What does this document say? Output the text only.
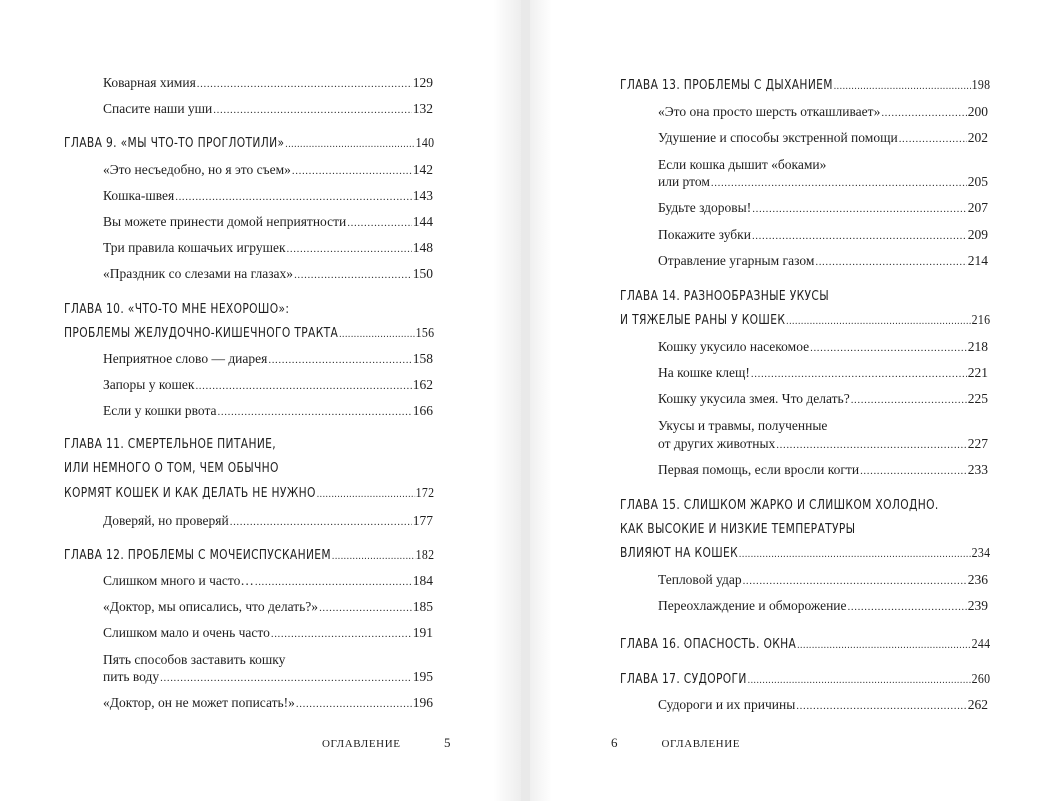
Коварная химия .....	129
Спасите наши уши .....	132
ГЛАВА 9. «МЫ ЧТО-ТО ПРОГЛОТИЛИ» .....	140
«Это несъедобно, но я это съем» .....	142
Кошка-швея .....	143
Вы можете принести домой неприятности .....	144
Три правила кошачьих игрушек .....	148
«Праздник со слезами на глазах» .....	150
ГЛАВА 10. «ЧТО-ТО МНЕ НЕХОРОШО»:
ПРОБЛЕМЫ ЖЕЛУДОЧНО-КИШЕЧНОГО ТРАКТА .....	156
Неприятное слово — диарея .....	158
Запоры у кошек .....	162
Если у кошки рвота .....	166
ГЛАВА 11. СМЕРТЕЛЬНОЕ ПИТАНИЕ,
ИЛИ НЕМНОГО О ТОМ, ЧЕМ ОБЫЧНО
КОРМЯТ КОШЕК И КАК ДЕЛАТЬ НЕ НУЖНО .....	172
Доверяй, но проверяй .....	177
ГЛАВА 12. ПРОБЛЕМЫ С МОЧЕИСПУСКАНИЕМ .....	182
Слишком много и часто… .....	184
«Доктор, мы описались, что делать?» .....	185
Слишком мало и очень часто .....	191
Пять способов заставить кошку
пить воду .....	195
«Доктор, он не может пописать!» .....	196
ОГЛАВЛЕНИЕ	5
ГЛАВА 13. ПРОБЛЕМЫ С ДЫХАНИЕМ .....	198
«Это она просто шерсть откашливает» .....	200
Удушение и способы экстренной помощи .....	202
Если кошка дышит «боками»
или ртом .....	205
Будьте здоровы! .....	207
Покажите зубки .....	209
Отравление угарным газом .....	214
ГЛАВА 14. РАЗНООБРАЗНЫЕ УКУСЫ
И ТЯЖЕЛЫЕ РАНЫ У КОШЕК .....	216
Кошку укусило насекомое .....	218
На кошке клещ! .....	221
Кошку укусила змея. Что делать? .....	225
Укусы и травмы, полученные
от других животных .....	227
Первая помощь, если вросли когти .....	233
ГЛАВА 15. СЛИШКОМ ЖАРКО И СЛИШКОМ ХОЛОДНО.
КАК ВЫСОКИЕ И НИЗКИЕ ТЕМПЕРАТУРЫ
ВЛИЯЮТ НА КОШЕК .....	234
Тепловой удар .....	236
Переохлаждение и обморожение .....	239
ГЛАВА 16. ОПАСНОСТЬ. ОКНА .....	244
ГЛАВА 17. СУДОРОГИ .....	260
Судороги и их причины .....	262
6	ОГЛАВЛЕНИЕ
